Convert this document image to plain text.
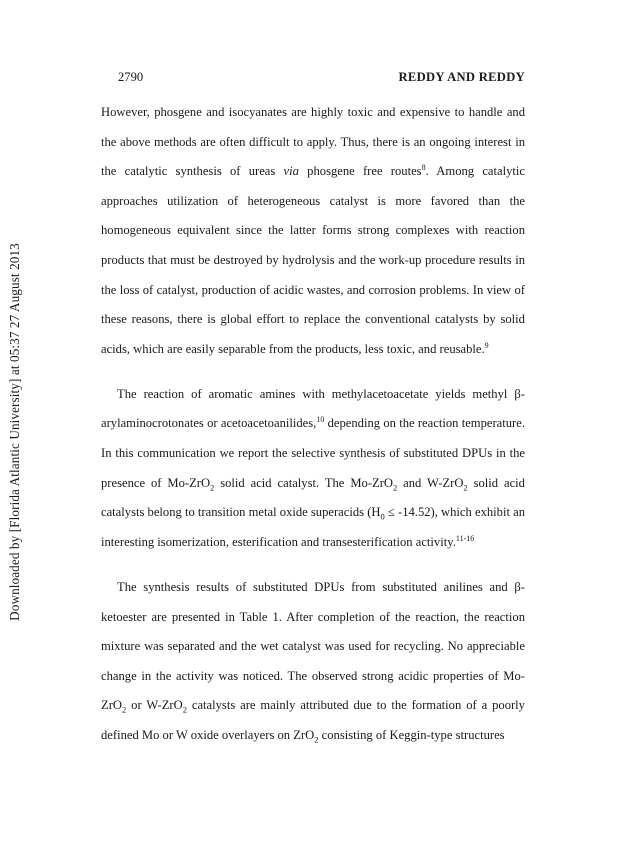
Downloaded by [Florida Atlantic University] at 05:37 27 August 2013
2790	REDDY AND REDDY

However, phosgene and isocyanates are highly toxic and expensive to handle and the above methods are often difficult to apply. Thus, there is an ongoing interest in the catalytic synthesis of ureas via phosgene free routes$^8$. Among catalytic approaches utilization of heterogeneous catalyst is more favored than the homogeneous equivalent since the latter forms strong complexes with reaction products that must be destroyed by hydrolysis and the work-up procedure results in the loss of catalyst, production of acidic wastes, and corrosion problems. In view of these reasons, there is global effort to replace the conventional catalysts by solid acids, which are easily separable from the products, less toxic, and reusable.$^9$

The reaction of aromatic amines with methylacetoacetate yields methyl β- arylaminocrotonates or acetoacetoanilides,$^{10}$ depending on the reaction temperature. In this communication we report the selective synthesis of substituted DPUs in the presence of Mo-ZrO$_2$ solid acid catalyst. The Mo-ZrO$_2$ and W-ZrO$_2$ solid acid catalysts belong to transition metal oxide superacids $(H_0 \le -14.52)$, which exhibit an interesting isomerization, esterification and transesterification activity.$^{11-16}$

The synthesis results of substituted DPUs from substituted anilines and β- ketoester are presented in Table 1. After completion of the reaction, the reaction mixture was separated and the wet catalyst was used for recycling. No appreciable change in the activity was noticed. The observed strong acidic properties of Mo- ZrO$_2$ or W-ZrO$_2$ catalysts are mainly attributed due to the formation of a poorly defined Mo or W oxide overlayers on ZrO$_2$ consisting of Keggin-type structures
